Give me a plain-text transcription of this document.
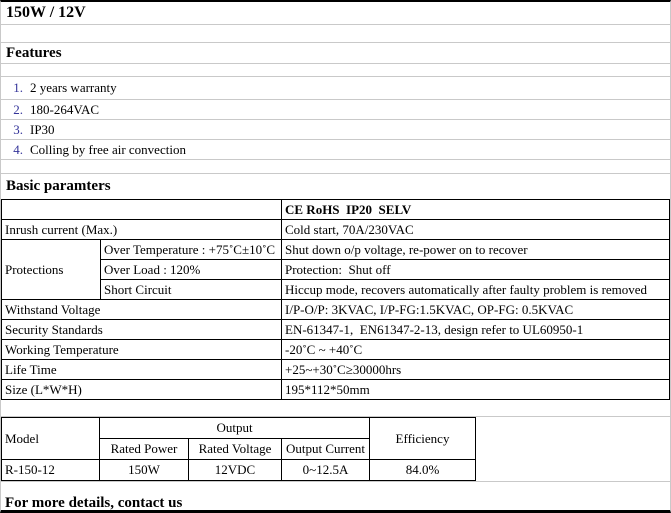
150W / 12V
Features
1. 2 years warranty
2. 180-264VAC
3. IP30
4. Colling by free air convection
Basic paramters
		CE RoHS  IP20  SELV
Inrush current (Max.)		Cold start, 70A/230VAC
Protections	Over Temperature : +75˚C±10˚C	Shut down o/p voltage, re-power on to recover
	Over Load : 120%	Protection:  Shut off
	Short Circuit	Hiccup mode, recovers automatically after faulty problem is removed
Withstand Voltage		I/P-O/P: 3KVAC, I/P-FG:1.5KVAC, OP-FG: 0.5KVAC
Security Standards		EN-61347-1,  EN61347-2-13, design refer to UL60950-1
Working Temperature		-20˚C ~ +40˚C
Life Time		+25~+30˚C≥30000hrs
Size (L*W*H)		195*112*50mm
Model	Output			Efficiency
	Rated Power	Rated Voltage	Output Current	
R-150-12	150W	12VDC	0~12.5A	84.0%
For more details, contact us
